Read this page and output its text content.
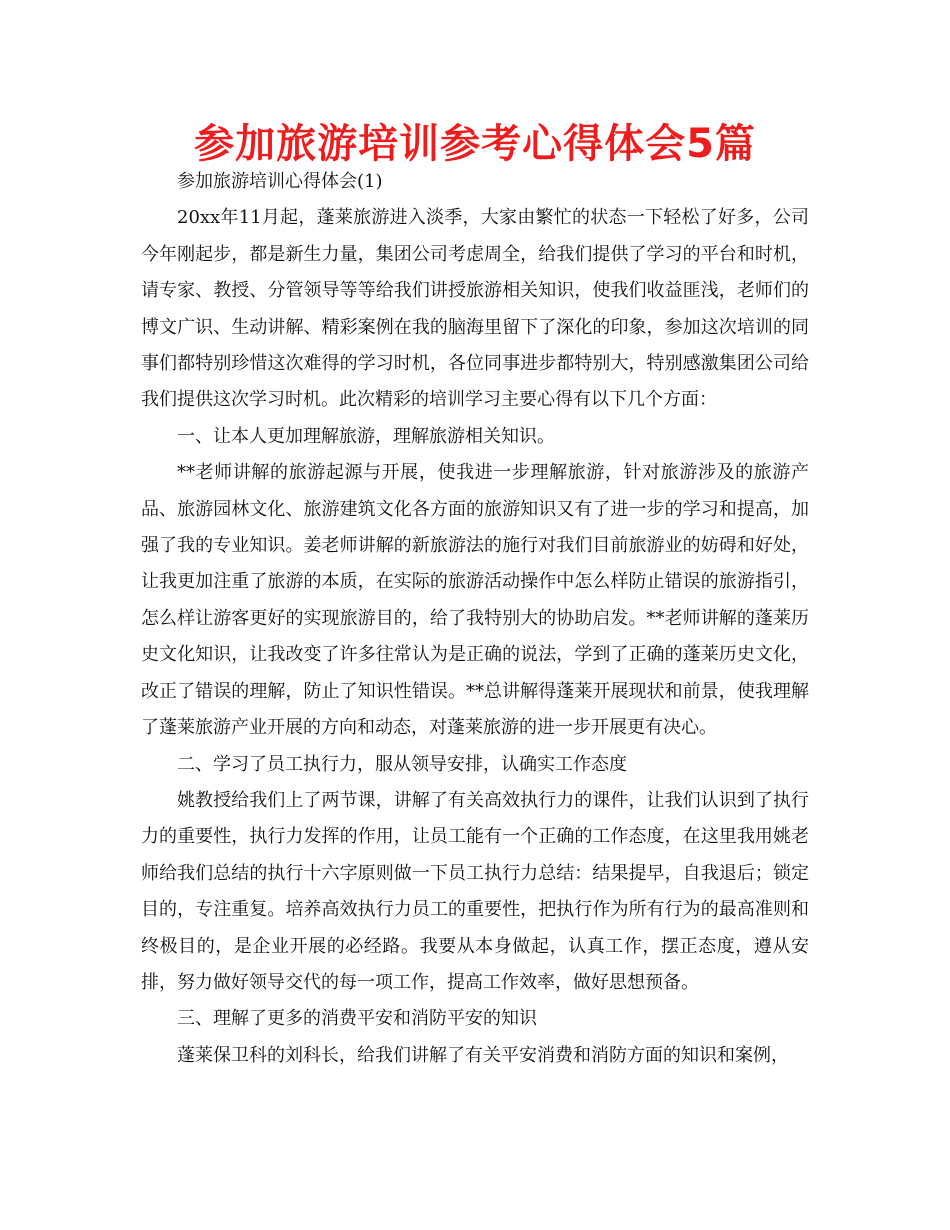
参加旅游培训参考心得体会5篇

参加旅游培训心得体会(1)

20xx年11月起，蓬莱旅游进入淡季，大家由繁忙的状态一下轻松了好多，公司今年刚起步，都是新生力量，集团公司考虑周全，给我们提供了学习的平台和时机，请专家、教授、分管领导等等给我们讲授旅游相关知识，使我们收益匪浅，老师们的博文广识、生动讲解、精彩案例在我的脑海里留下了深化的印象，参加这次培训的同事们都特别珍惜这次难得的学习时机，各位同事进步都特别大，特别感激集团公司给我们提供这次学习时机。此次精彩的培训学习主要心得有以下几个方面：

一、让本人更加理解旅游，理解旅游相关知识。

**老师讲解的旅游起源与开展，使我进一步理解旅游，针对旅游涉及的旅游产品、旅游园林文化、旅游建筑文化各方面的旅游知识又有了进一步的学习和提高，加强了我的专业知识。姜老师讲解的新旅游法的施行对我们目前旅游业的妨碍和好处，让我更加注重了旅游的本质，在实际的旅游活动操作中怎么样防止错误的旅游指引，怎么样让游客更好的实现旅游目的，给了我特别大的协助启发。**老师讲解的蓬莱历史文化知识，让我改变了许多往常认为是正确的说法，学到了正确的蓬莱历史文化，改正了错误的理解，防止了知识性错误。**总讲解得蓬莱开展现状和前景，使我理解了蓬莱旅游产业开展的方向和动态，对蓬莱旅游的进一步开展更有决心。

二、学习了员工执行力，服从领导安排，认确实工作态度

姚教授给我们上了两节课，讲解了有关高效执行力的课件，让我们认识到了执行力的重要性，执行力发挥的作用，让员工能有一个正确的工作态度，在这里我用姚老师给我们总结的执行十六字原则做一下员工执行力总结：结果提早，自我退后；锁定目的，专注重复。培养高效执行力员工的重要性，把执行作为所有行为的最高准则和终极目的，是企业开展的必经路。我要从本身做起，认真工作，摆正态度，遵从安排，努力做好领导交代的每一项工作，提高工作效率，做好思想预备。

三、理解了更多的消费平安和消防平安的知识

蓬莱保卫科的刘科长，给我们讲解了有关平安消费和消防方面的知识和案例，
